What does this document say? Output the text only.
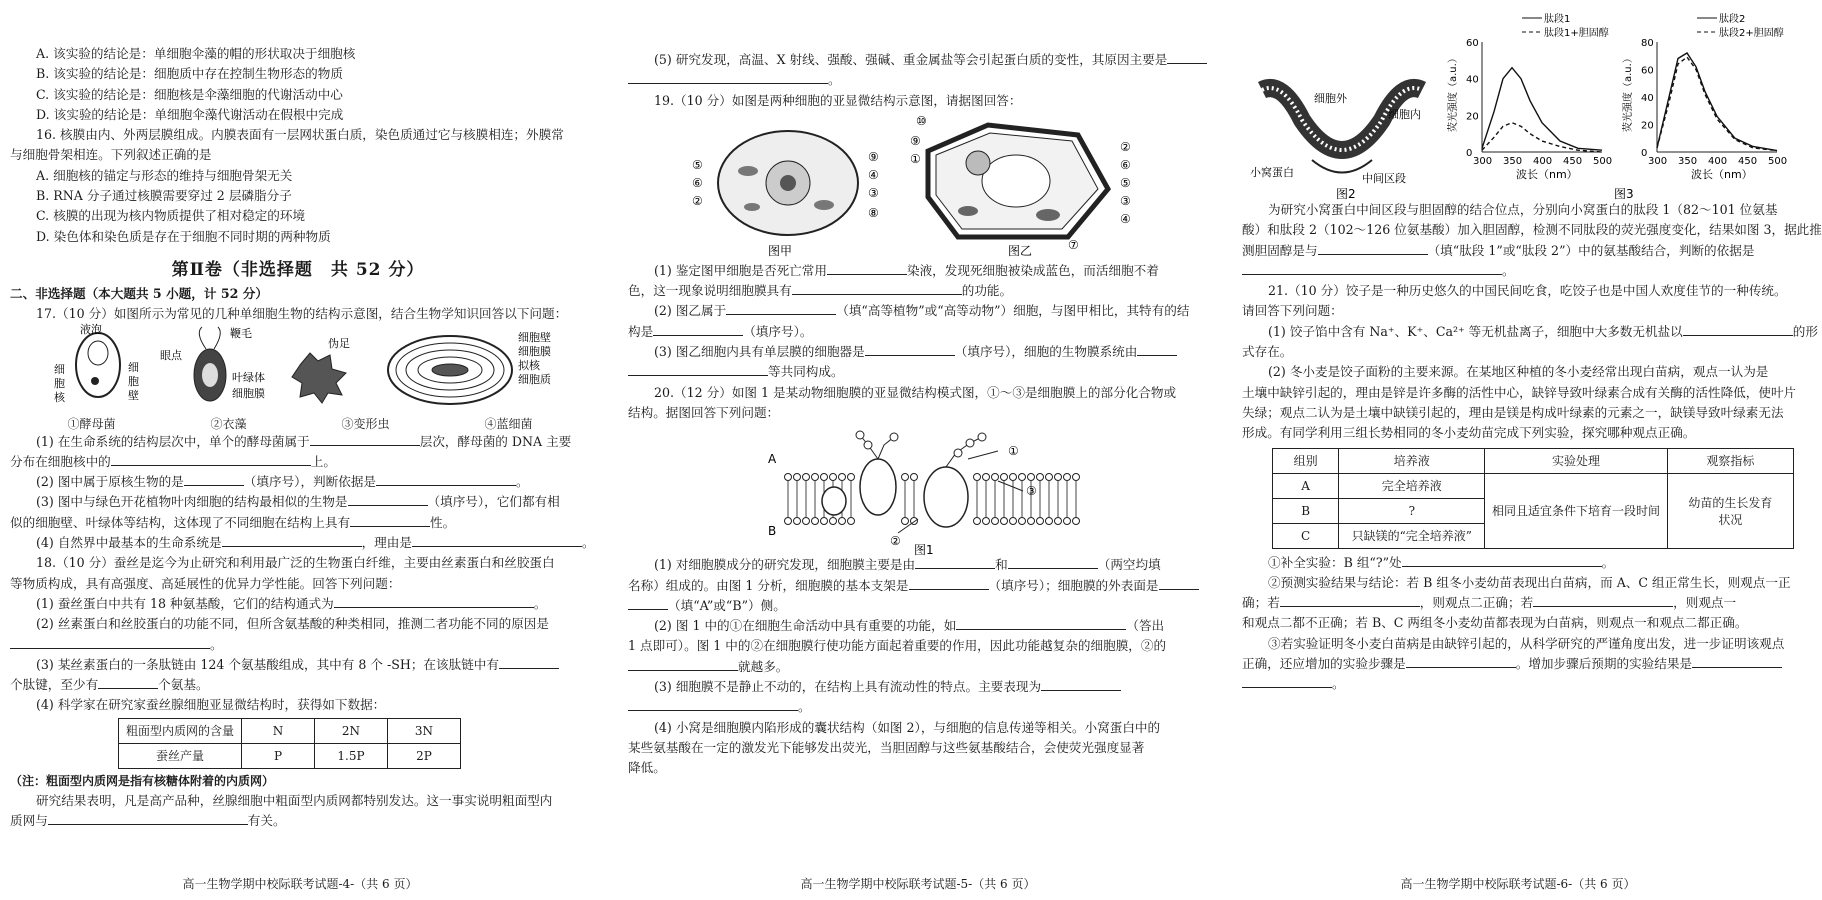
A. 该实验的结论是：单细胞伞藻的帽的形状取决于细胞核

B. 该实验的结论是：细胞质中存在控制生物形态的物质

C. 该实验的结论是：细胞核是伞藻细胞的代谢活动中心

D. 该实验的结论是：单细胞伞藻代谢活动在假根中完成

16. 核膜由内、外两层膜组成。内膜表面有一层网状蛋白质，染色质通过它与核膜相连；外膜常

与细胞骨架相连。下列叙述正确的是

A. 细胞核的锚定与形态的维持与细胞骨架无关

B. RNA 分子通过核膜需要穿过 2 层磷脂分子

C. 核膜的出现为核内物质提供了相对稳定的环境

D. 染色体和染色质是存在于细胞不同时期的两种物质

第Ⅱ卷（非选择题　共 52 分）

二、非选择题（本大题共 5 小题，计 52 分）

17.（10 分）如图所示为常见的几种单细胞生物的结构示意图，结合生物学知识回答以下问题：

液泡
细
胞
核
细
胞
壁
鞭毛
眼点
叶绿体
细胞膜
伪足	细胞壁
细胞膜
拟核
细胞质
①酵母菌	②衣藻	③变形虫	④蓝细菌

(1) 在生命系统的结构层次中，单个的酵母菌属于	层次，酵母菌的 DNA 主要

分布在细胞核中的	上。

(2) 图中属于原核生物的是	（填序号），判断依据是	。

(3) 图中与绿色开花植物叶肉细胞的结构最相似的生物是	（填序号），它们都有相

似的细胞壁、叶绿体等结构，这体现了不同细胞在结构上具有	性。

(4) 自然界中最基本的生命系统是	，理由是	。

18.（10 分）蚕丝是迄今为止研究和利用最广泛的生物蛋白纤维，主要由丝素蛋白和丝胶蛋白

等物质构成，具有高强度、高延展性的优异力学性能。回答下列问题：

(1) 蚕丝蛋白中共有 18 种氨基酸，它们的结构通式为	。

(2) 丝素蛋白和丝胶蛋白的功能不同，但所含氨基酸的种类相同，推测二者功能不同的原因是

。

(3) 某丝素蛋白的一条肽链由 124 个氨基酸组成，其中有 8 个 -SH；在该肽链中有

个肽键，至少有	个氨基。

(4) 科学家在研究家蚕丝腺细胞亚显微结构时，获得如下数据：

粗面型内质网的含量	N	2N	3N
蚕丝产量	P	1.5P	2P

（注：粗面型内质网是指有核糖体附着的内质网）

研究结果表明，凡是高产品种，丝腺细胞中粗面型内质网都特别发达。这一事实说明粗面型内

质网与	有关。

高一生物学期中校际联考试题-4-（共 6 页）

(5) 研究发现，高温、X 射线、强酸、强碱、重金属盐等会引起蛋白质的变性，其原因主要是

。

19.（10 分）如图是两种细胞的亚显微结构示意图，请据图回答：

⑤
⑥
②
⑨
④
③
⑧
图甲
⑩
⑨
①
②
⑥
⑤
③
④
⑦
图乙

(1) 鉴定图甲细胞是否死亡常用	染液，发现死细胞被染成蓝色，而活细胞不着

色，这一现象说明细胞膜具有	的功能。

(2) 图乙属于	（填“高等植物”或“高等动物”）细胞，与图甲相比，其特有的结

构是	（填序号）。

(3) 图乙细胞内具有单层膜的细胞器是	（填序号），细胞的生物膜系统由

等共同构成。

20.（12 分）如图 1 是某动物细胞膜的亚显微结构模式图，①～③是细胞膜上的部分化合物或

结构。据图回答下列问题：

A
B
①
③
②
图1

(1) 对细胞膜成分的研究发现，细胞膜主要是由	和	（两空均填

名称）组成的。由图 1 分析，细胞膜的基本支架是	（填序号）；细胞膜的外表面是

（填“A”或“B”）侧。

(2) 图 1 中的①在细胞生命活动中具有重要的功能，如	（答出

1 点即可）。图 1 中的②在细胞膜行使功能方面起着重要的作用，因此功能越复杂的细胞膜，②的

就越多。

(3) 细胞膜不是静止不动的，在结构上具有流动性的特点。主要表现为

。

(4) 小窝是细胞膜内陷形成的囊状结构（如图 2），与细胞的信息传递等相关。小窝蛋白中的

某些氨基酸在一定的激发光下能够发出荧光，当胆固醇与这些氨基酸结合，会使荧光强度显著

降低。

高一生物学期中校际联考试题-5-（共 6 页）
细胞外
细胞内
小窝蛋白	中间区段
图2
60
40
20
0
300 350 400 450 500
波长（nm）
荧光强度（a.u.）
肽段1
肽段1+胆固醇
80
60
40
20
0
300 350 400 450 500
波长（nm）
荧光强度（a.u.）
肽段2
肽段2+胆固醇
图3

为研究小窝蛋白中间区段与胆固醇的结合位点，分别向小窝蛋白的肽段 1（82～101 位氨基

酸）和肽段 2（102～126 位氨基酸）加入胆固醇，检测不同肽段的荧光强度变化，结果如图 3，据此推

测胆固醇是与	（填“肽段 1”或“肽段 2”）中的氨基酸结合，判断的依据是

。

21.（10 分）饺子是一种历史悠久的中国民间吃食，吃饺子也是中国人欢度佳节的一种传统。

请回答下列问题：

(1) 饺子馅中含有 Na⁺、K⁺、Ca²⁺ 等无机盐离子，细胞中大多数无机盐以	的形

式存在。

(2) 冬小麦是饺子面粉的主要来源。在某地区种植的冬小麦经常出现白苗病，观点一认为是

土壤中缺锌引起的，理由是锌是许多酶的活性中心，缺锌导致叶绿素合成有关酶的活性降低，使叶片

失绿；观点二认为是土壤中缺镁引起的，理由是镁是构成叶绿素的元素之一，缺镁导致叶绿素无法

形成。有同学利用三组长势相同的冬小麦幼苗完成下列实验，探究哪种观点正确。

组别	培养液	实验处理	观察指标
A	完全培养液	相同且适宜条件下培育一段时间	幼苗的生长发育
状况
B	?		
C	只缺镁的“完全培养液”		

①补全实验：B 组“?”处	。

②预测实验结果与结论：若 B 组冬小麦幼苗表现出白苗病，而 A、C 组正常生长，则观点一正

确；若	，则观点二正确；若	，则观点一

和观点二都不正确；若 B、C 两组冬小麦幼苗都表现为白苗病，则观点一和观点二都正确。

③若实验证明冬小麦白苗病是由缺锌引起的，从科学研究的严谨角度出发，进一步证明该观点

正确，还应增加的实验步骤是	。增加步骤后预期的实验结果是

。

高一生物学期中校际联考试题-6-（共 6 页）
